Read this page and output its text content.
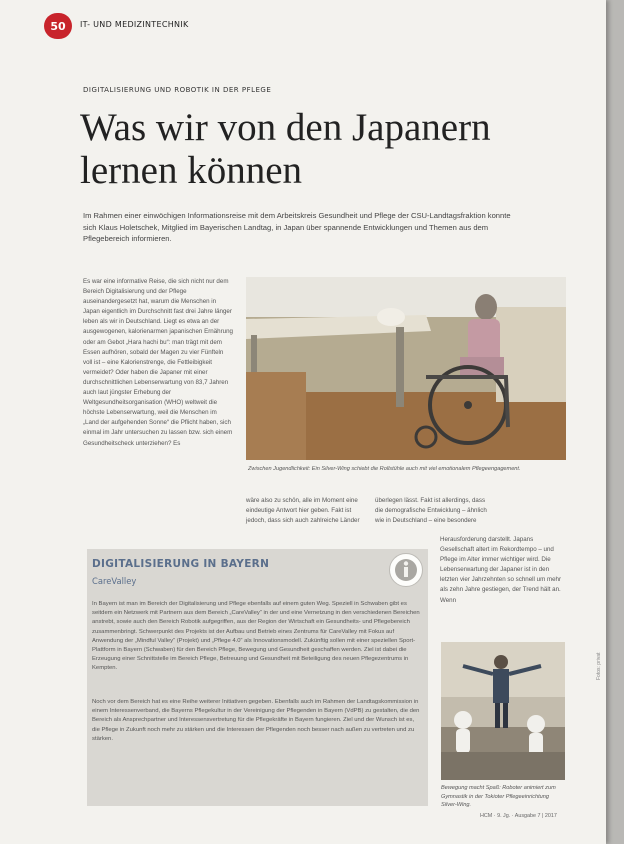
50 IT- UND MEDIZINTECHNIK
DIGITALISIERUNG UND ROBOTIK IN DER PFLEGE
Was wir von den Japanern
lernen können

Im Rahmen einer einwöchigen Informationsreise mit dem Arbeitskreis Gesundheit und Pflege der CSU-Landtagsfraktion konnte sich Klaus Holetschek, Mitglied im Bayerischen Landtag, in Japan über spannende Entwicklungen und Themen aus dem Pflegebereich informieren.

Es war eine informative Reise, die sich nicht nur dem Bereich Digitalisierung und der Pflege auseinandergesetzt hat, warum die Menschen in Japan eigentlich im Durchschnitt fast drei Jahre länger leben als wir in Deutschland. Liegt es etwa an der ausgewogenen, kalorienarmen japanischen Ernährung oder am Gebot „Hara hachi bu“: man trägt mit dem Essen aufhören, sobald der Magen zu vier Fünfteln voll ist – eine Kalorienstrenge, die Fettleibigkeit vermeidet? Oder haben die Japaner mit einer durchschnittlichen Lebenserwartung von 83,7 Jahren auch laut jüngster Erhebung der Weltgesundheitsorganisation (WHO) weltweit die höchste Lebenserwartung, weil die Menschen im „Land der aufgehenden Sonne“ die Pflicht haben, sich einmal im Jahr untersuchen zu lassen bzw. sich einem Gesundheitscheck unterziehen? Es

Zwischen Jugendlichkeit: Ein Silver-Wing schiebt die Rollstühle auch mit viel emotionalem Pflegeengagement.

wäre also zu schön, alle im Moment eine eindeutige Antwort hier geben. Fakt ist jedoch, dass sich auch zahlreiche Länder

überlegen lässt. Fakt ist allerdings, dass die demografische Entwicklung – ähnlich wie in Deutschland – eine besondere

Herausforderung darstellt. Japans Gesellschaft altert im Rekordtempo – und Pflege im Alter immer wichtiger wird. Die Lebenserwartung der Japaner ist in den letzten vier Jahrzehnten so schnell um mehr als zehn Jahre gestiegen, der Trend hält an. Wenn

DIGITALISIERUNG IN BAYERN
CareValley

In Bayern ist man im Bereich der Digitalisierung und Pflege ebenfalls auf einem guten Weg. Speziell in Schwaben gibt es seitdem ein Netzwerk mit Partnern aus dem Bereich „CareValley“ in der und eine Vernetzung in den verschiedenen Bereichen anstrebt, sowie auch den Bereich Robotik aufgegriffen, aus der Region der Wirtschaft ein Gesundheits- und Pflegebereich zusammenbringt. Schwerpunkt des Projekts ist der Aufbau und Betrieb eines Zentrums für CareValley mit Fokus auf Anwendung der „Mindful Valley“ (Projekt) und „Pflege 4.0“ als Innovationsmodell. Zukünftig sollen mit einer speziellen Sport-Plattform in Bayern (Schwaben) für den Bereich Pflege, Bewegung und Gesundheit geschaffen werden. Ziel ist dabei die Erzeugung einer Schnittstelle im Bereich Pflege, Betreuung und Gesundheit mit Beteiligung des neuen Pflegezentrums in Kempten.

Noch vor dem Bereich hat es eine Reihe weiterer Initiativen gegeben. Ebenfalls auch im Rahmen der Landtagskommission in einem Interessenverband, die Bayerns Pflegekultur in der Vereinigung der Pflegenden in Bayern (VdPB) zu gestalten, die den Bereich als Ansprechpartner und Interessensvertretung für die Pflegekräfte in Bayern fungieren. Ziel und der Wunsch ist es, die Pflege in Zukunft noch mehr zu stärken und die Interessen der Pflegenden noch besser nach außen zu vertreten und zu stärken.

Bewegung macht Spaß: Roboter animiert zum Gymnastik in der Tokioter Pflegeeinrichtung Silver-Wing.

HCM · 9. Jg. · Ausgabe 7 | 2017
Fotos: privat
